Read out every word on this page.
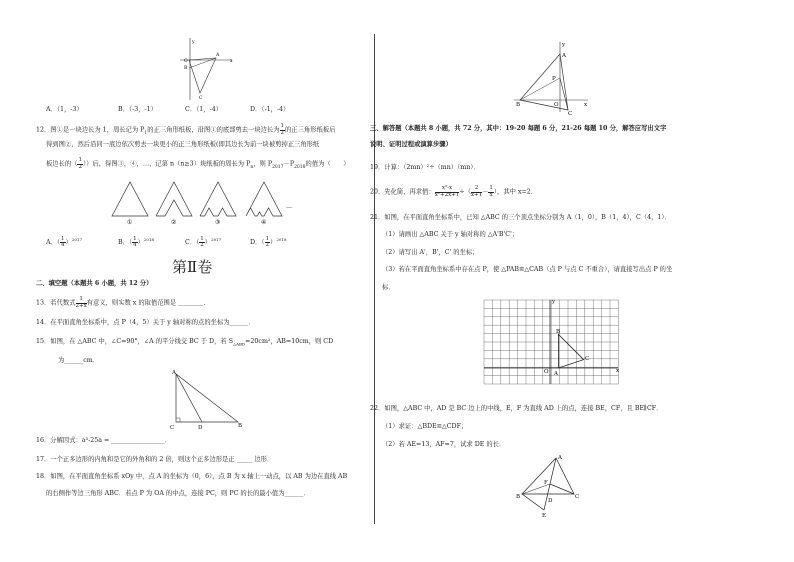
y
A
O
B
x
C
A．（1，-3）	B．（-3，-1）	C．（1，-4）	D．（-1，-4）
12．图①是一块边长为 1，周长记为 $P_1$的正三角形纸板，沿图①的底部剪去一块边长为 $\frac{1}{2}$ 的正三角形纸板后
得到图②，然后沿同一底边依次剪去一块更小的正三角形纸板(即其边长为前一块被剪掉正三角形纸
板边长的（ $\frac{1}{2}$ ））后，得图③，④，…，记第 n（n≥3）块纸板的周长为 $P_n$，则 $P_{2017}-P_{2018}$的值为（　　）
…
①	②	③	④
A．（ $\frac{1}{4} )^{2017}$	B．（ $\frac{1}{4} )^{2018}$	C．（ $\frac{1}{2} )^{2017}$	D．（ $\frac{1}{2} )^{2018}$
第Ⅱ卷
二、填空题（本题共 6 小题，共 12 分）
13．若代数式 $\frac{1}{2+x}$ 有意义，则实数 x 的取值范围是 ________．
14．在平面直角坐标系中，点 P（4，5）关于 y 轴对称的点的坐标为______．
15．如图，在 △ABC 中，∠C=90°，∠A 的平分线交 BC 于 D，若 $S_{\triangle ABD}=20cm^2$，AB=10cm，则 CD
为______cm．
A
C	D	B
16．分解因式：a³-25a = _________________．
17．一个正多边形的内角和是它的外角和的 2 倍，则这个正多边形是正 _____ 边形．
18．如图，在平面直角坐标系 xOy 中，点 A 的坐标为（0，6），点 B 为 x 轴上一动点，以 AB 为边在直线 AB
的右侧作等边三角形 ABC．若点 P 为 OA 的中点，连接 PC，则 PC 的长的最小值为______．
y
A
P
B	O	x
C
三、解答题（本题共 8 小题，共 72 分，其中：19-20 每题 6 分，21-26 每题 10 分，解答应写出文字
说明、证明过程或演算步骤）
19．计算：（2mn）²÷（mn）（mn）．
20．先化简，再求值： $\frac{\text{x²-x}}{\text{x²+2x+1}}$ ÷（ $\frac{2}{x+1} - \frac{1}{x}$ ），其中 x=2．
21．如图，在平面直角坐标系中，已知 △ABC 的三个顶点坐标分别为 A（1，0），B（1，4），C（4，1）．
（1）请画出 △ABC 关于 y 轴对称的 △A'B'C'；
（2）请写出 A'，B'，C' 的坐标；
（3）若在平面直角坐标系中存在点 P，使 △PAB≌△CAB（点 P 与点 C 不重合），请直接写出点 P 的坐
标．
y
x
O A
B
C
22．如图，△ABC 中，AD 是 BC 边上的中线，E，F 为直线 AD 上的点，连接 BE，CF，且 BE∥CF．
（1）求证：△BDE≌△CDF；
（2）若 AE=13，AF=7，试求 DE 的长．
A
F
B
D
C
E
